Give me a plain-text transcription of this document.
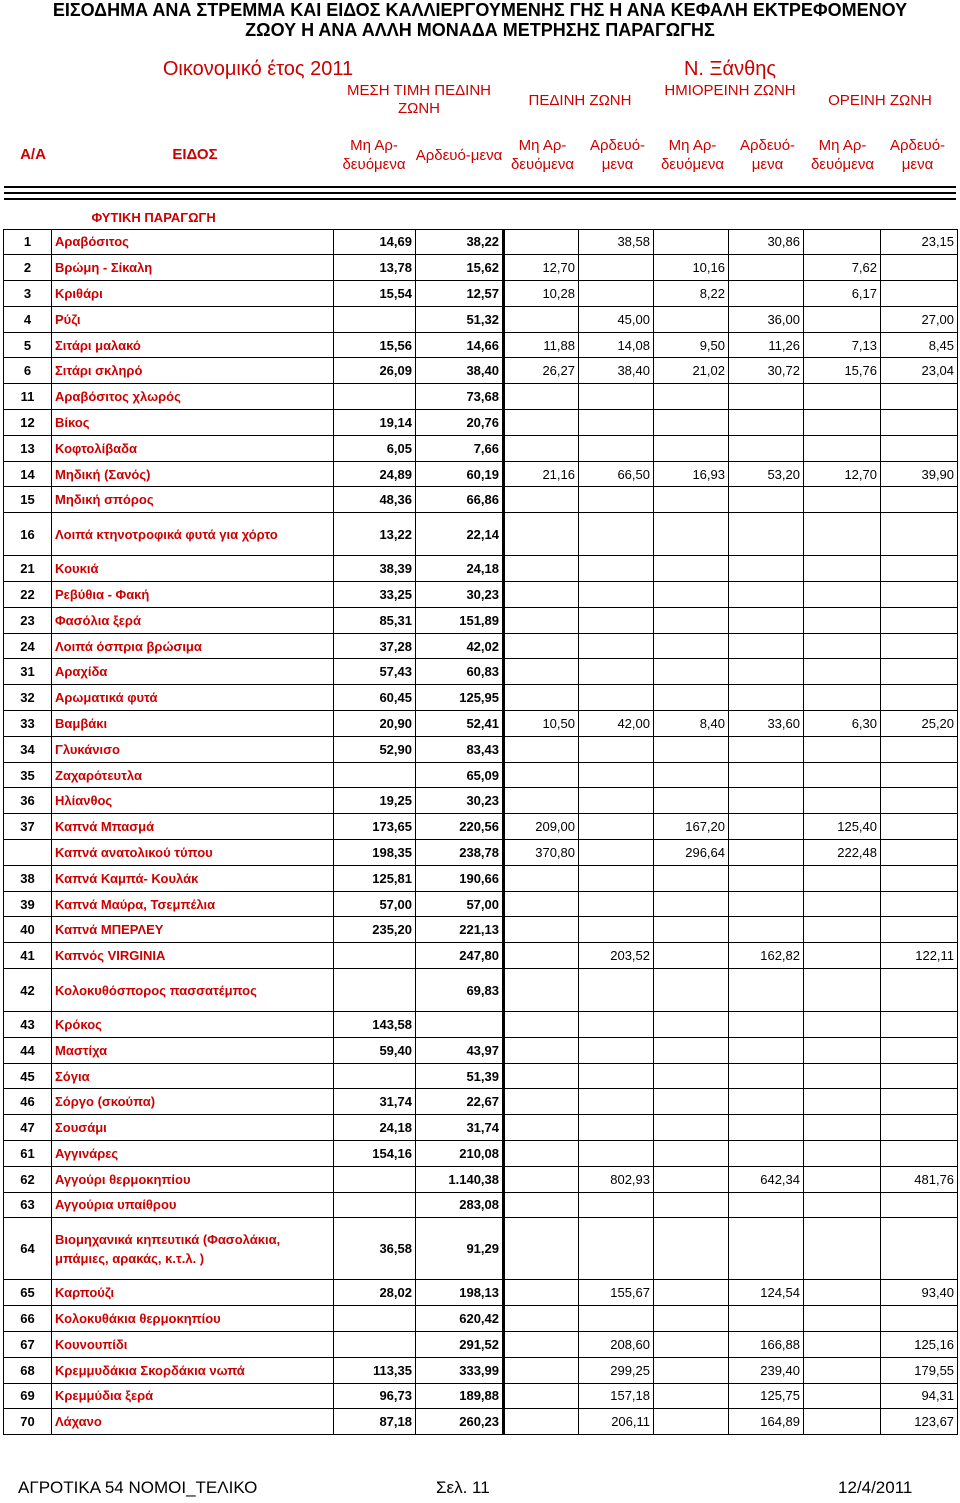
ΕΙΣΟΔΗΜΑ ΑΝΑ ΣΤΡΕΜΜΑ ΚΑΙ ΕΙΔΟΣ ΚΑΛΛΙΕΡΓΟΥΜΕΝΗΣ ΓΗΣ Η ΑΝΑ ΚΕΦΑΛΗ ΕΚΤΡΕΦΟΜΕΝΟΥ
ΖΩΟΥ Η ΑΝΑ ΑΛΛΗ ΜΟΝΑΔΑ ΜΕΤΡΗΣΗΣ ΠΑΡΑΓΩΓΗΣ
Οικονομικό έτος 2011	Ν. Ξάνθης
Α/Α	ΕΙΔΟΣ
ΜΕΣΗ ΤΙΜΗ ΠΕΔΙΝΗ ΖΩΝΗ	ΠΕΔΙΝΗ ΖΩΝΗ
ΗΜΙΟΡΕΙΝΗ ΖΩΝΗ
ΟΡΕΙΝΗ ΖΩΝΗ
Μη Αρ- δευόμενα
Αρδευό-μενα
Μη Αρ- δευόμενα
Αρδευό- μενα
Μη Αρ- δευόμενα
Αρδευό- μενα
Μη Αρ- δευόμενα
Αρδευό- μενα
	ΦΥΤΙΚΗ ΠΑΡΑΓΩΓΗ								
1	Αραβόσιτος	14,69	38,22		38,58		30,86		23,15
2	Βρώμη - Σίκαλη	13,78	15,62	12,70		10,16		7,62	
3	Κριθάρι	15,54	12,57	10,28		8,22		6,17	
4	Ρύζι		51,32		45,00		36,00		27,00
5	Σιτάρι μαλακό	15,56	14,66	11,88	14,08	9,50	11,26	7,13	8,45
6	Σιτάρι σκληρό	26,09	38,40	26,27	38,40	21,02	30,72	15,76	23,04
11	Αραβόσιτος χλωρός		73,68						
12	Βίκος	19,14	20,76						
13	Κοφτολίβαδα	6,05	7,66						
14	Μηδική (Σανός)	24,89	60,19	21,16	66,50	16,93	53,20	12,70	39,90
15	Μηδική σπόρος	48,36	66,86						
16	Λοιπά κτηνοτροφικά φυτά για χόρτο	13,22	22,14						
21	Κουκιά	38,39	24,18						
22	Ρεβύθια - Φακή	33,25	30,23						
23	Φασόλια ξερά	85,31	151,89						
24	Λοιπά όσπρια βρώσιμα	37,28	42,02						
31	Αραχίδα	57,43	60,83						
32	Αρωματικά φυτά	60,45	125,95						
33	Βαμβάκι	20,90	52,41	10,50	42,00	8,40	33,60	6,30	25,20
34	Γλυκάνισο	52,90	83,43						
35	Ζαχαρότευτλα		65,09						
36	Ηλίανθος	19,25	30,23						
37	Καπνά Μπασμά	173,65	220,56	209,00		167,20		125,40	
	Καπνά ανατολικού τύπου	198,35	238,78	370,80		296,64		222,48	
38	Καπνά Καμπά- Κουλάκ	125,81	190,66						
39	Καπνά Μαύρα, Τσεμπέλια	57,00	57,00						
40	Καπνά ΜΠΕΡΛΕΥ	235,20	221,13						
41	Καπνός VIRGINIA		247,80		203,52		162,82		122,11
42	Κολοκυθόσπορος πασσατέμπος		69,83						
43	Κρόκος	143,58							
44	Μαστίχα	59,40	43,97						
45	Σόγια		51,39						
46	Σόργο (σκούπα)	31,74	22,67						
47	Σουσάμι	24,18	31,74						
61	Αγγινάρες	154,16	210,08						
62	Αγγούρι θερμοκηπίου		1.140,38		802,93		642,34		481,76
63	Αγγούρια υπαίθρου		283,08						
64	Βιομηχανικά κηπευτικά (Φασολάκια, μπάμιες, αρακάς, κ.τ.λ. )	36,58	91,29						
65	Καρπούζι	28,02	198,13		155,67		124,54		93,40
66	Κολοκυθάκια θερμοκηπίου		620,42						
67	Κουνουπίδι		291,52		208,60		166,88		125,16
68	Κρεμμυδάκια Σκορδάκια νωπά	113,35	333,99		299,25		239,40		179,55
69	Κρεμμύδια ξερά	96,73	189,88		157,18		125,75		94,31
70	Λάχανο	87,18	260,23		206,11		164,89		123,67
ΑΓΡΟΤΙΚΑ 54 ΝΟΜΟΙ_ΤΕΛΙΚΟ	Σελ. 11	12/4/2011
